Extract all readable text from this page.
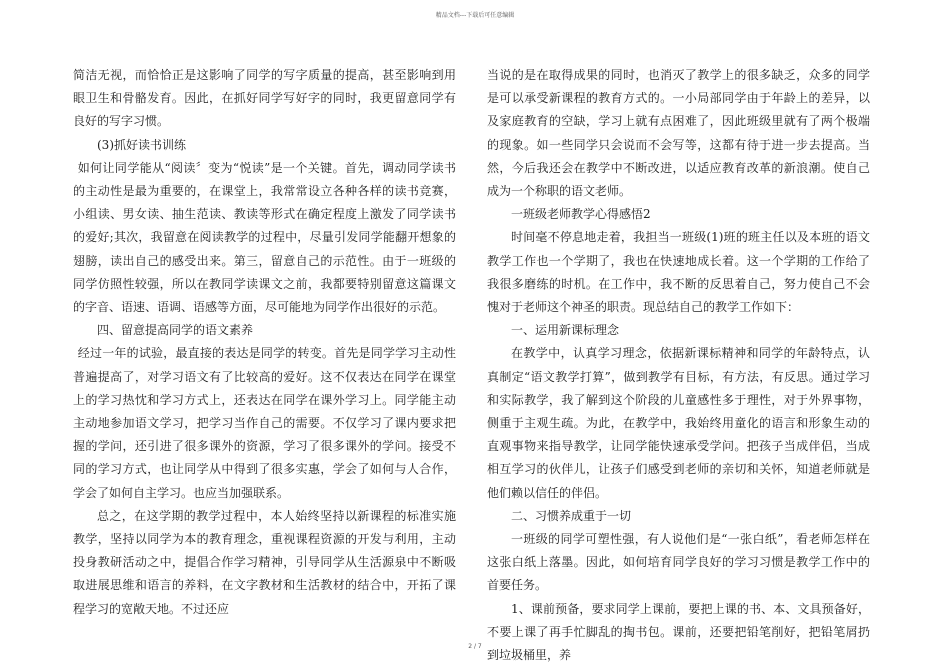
精品文档---下载后可任意编辑

简洁无视，而恰恰正是这影响了同学的写字质量的提高，甚至影响到用眼卫生和骨骼发育。因此，在抓好同学写好字的同时，我更留意同学有良好的写字习惯。

(3)抓好读书训练

如何让同学能从“阅读〞变为“悦读”是一个关键。首先，调动同学读书的主动性是最为重要的，在课堂上，我常常设立各种各样的读书竞赛，小组读、男女读、抽生范读、教读等形式在确定程度上激发了同学读书的爱好;其次，我留意在阅读教学的过程中，尽量引发同学能翻开想象的翅膀，读出自己的感受出来。第三，留意自己的示范性。由于一班级的同学仿照性较强，所以在教同学读课文之前，我都要特别留意这篇课文的字音、语速、语调、语感等方面，尽可能地为同学作出很好的示范。

四、留意提高同学的语文素养

经过一年的试验，最直接的表达是同学的转变。首先是同学学习主动性普遍提高了，对学习语文有了比较高的爱好。这不仅表达在同学在课堂上的学习热忱和学习方式上，还表达在同学在课外学习上。同学能主动主动地参加语文学习，把学习当作自己的需要。不仅学习了课内要求把握的学问，还引进了很多课外的资源，学习了很多课外的学问。接受不同的学习方式，也让同学从中得到了很多实惠，学会了如何与人合作，学会了如何自主学习。也应当加强联系。

总之，在这学期的教学过程中，本人始终坚持以新课程的标准实施教学，坚持以同学为本的教育理念，重视课程资源的开发与利用，主动投身教研活动之中，提倡合作学习精神，引导同学从生活源泉中不断吸取进展思维和语言的养料，在文字教材和生活教材的结合中，开拓了课程学习的宽敞天地。不过还应

当说的是在取得成果的同时，也消灭了教学上的很多缺乏，众多的同学是可以承受新课程的教育方式的。一小局部同学由于年龄上的差异，以及家庭教育的空缺，学习上就有点困难了，因此班级里就有了两个极端的现象。如一些同学只会说而不会写等，这都有待于进一步去提高。当然，今后我还会在教学中不断改进，以适应教育改革的新浪潮。使自己成为一个称职的语文老师。

一班级老师教学心得感悟2

时间毫不停息地走着，我担当一班级(1)班的班主任以及本班的语文教学工作也一个学期了，我也在快速地成长着。这一个学期的工作给了我很多磨练的时机。在工作中，我不断的反思着自己，努力使自己不会愧对于老师这个神圣的职责。现总结自己的教学工作如下：

一、运用新课标理念

在教学中，认真学习理念，依据新课标精神和同学的年龄特点，认真制定“语文教学打算”，做到教学有目标，有方法，有反思。通过学习和实际教学，我了解到这个阶段的儿童感性多于理性，对于外界事物，侧重于主观生疏。为此，在教学中，我始终用童化的语言和形象生动的直观事物来指导教学，让同学能快速承受学问。把孩子当成伴侣，当成相互学习的伙伴儿，让孩子们感受到老师的亲切和关怀，知道老师就是他们赖以信任的伴侣。

二、习惯养成重于一切

一班级的同学可塑性强，有人说他们是“一张白纸”，看老师怎样在这张白纸上落墨。因此，如何培育同学良好的学习习惯是教学工作中的首要任务。

1、课前预备，要求同学上课前，要把上课的书、本、文具预备好，不要上课了再手忙脚乱的掏书包。课前，还要把铅笔削好，把铅笔屑扔到垃圾桶里，养

2 / 7
